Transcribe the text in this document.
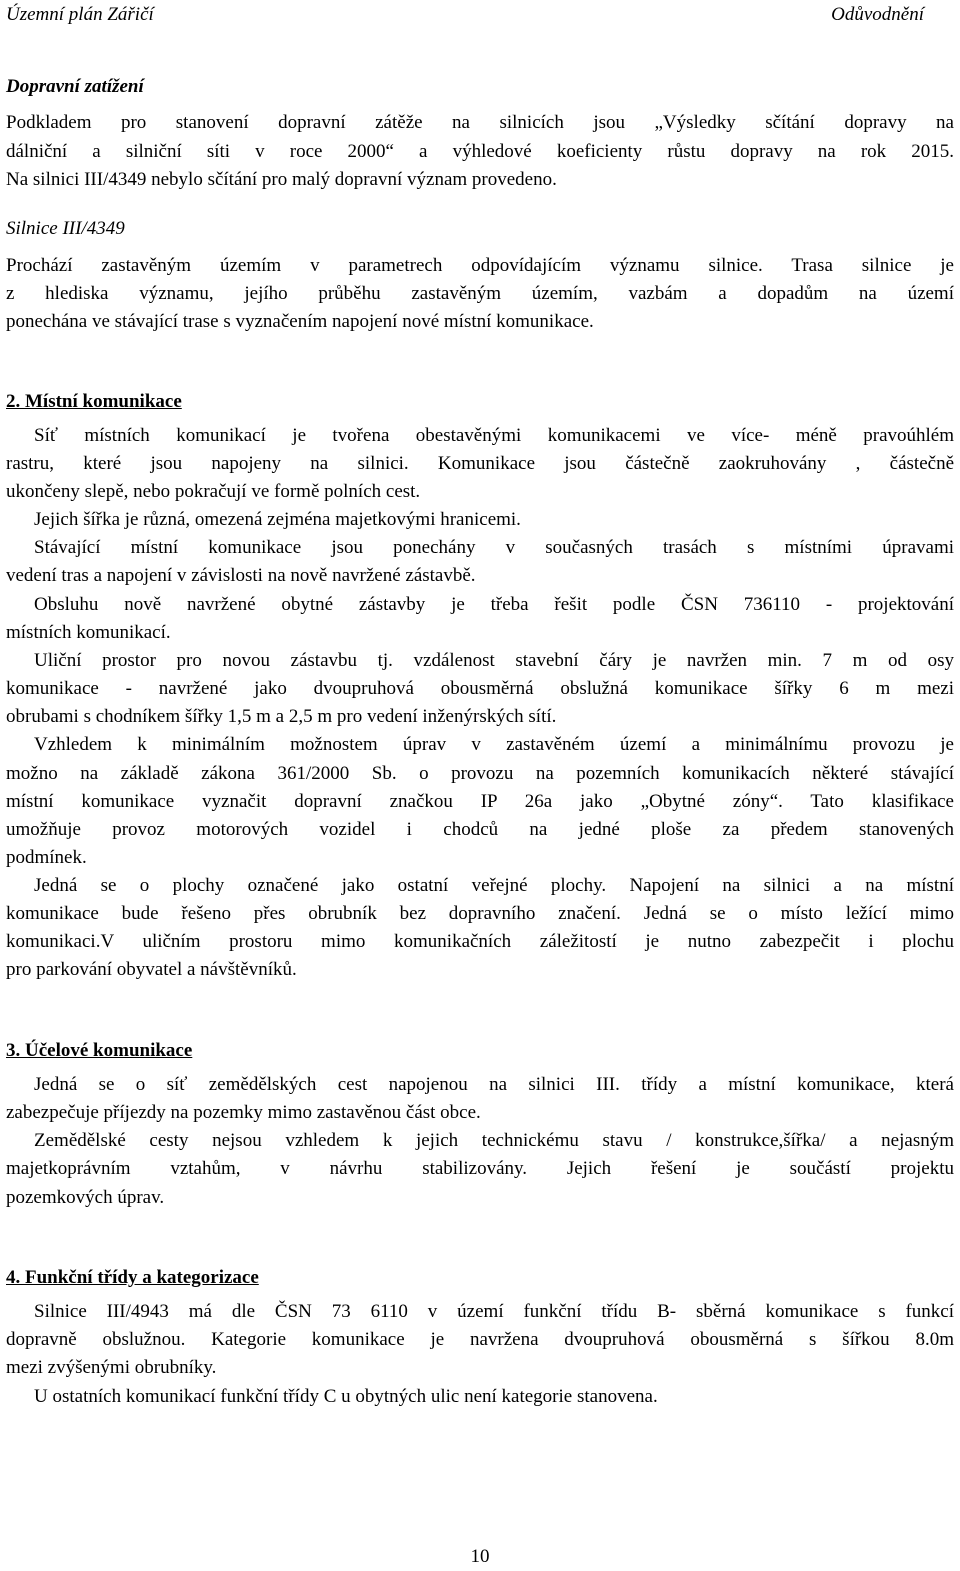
Územní plán Zářičí	Odůvodnění
Dopravní zatížení
Podkladem pro stanovení dopravní zátěže na silnicích jsou „Výsledky sčítání dopravy na
dálniční a silniční síti v roce 2000“ a výhledové koeficienty růstu dopravy na rok 2015.
Na silnici III/4349 nebylo sčítání pro malý dopravní význam provedeno.
Silnice III/4349
Prochází zastavěným územím v parametrech odpovídajícím významu silnice. Trasa silnice je
z hlediska významu, jejího průběhu zastavěným územím, vazbám a dopadům na území
ponechána ve stávající trase s vyznačením napojení nové místní komunikace.
2. Místní komunikace
Síť místních komunikací je tvořena obestavěnými komunikacemi ve více- méně pravoúhlém
rastru, které jsou napojeny na silnici. Komunikace jsou částečně zaokruhovány , částečně
ukončeny slepě, nebo pokračují ve formě polních cest.
Jejich šířka je různá, omezená zejména majetkovými hranicemi.
Stávající místní komunikace jsou ponechány v současných trasách s místními úpravami
vedení tras a napojení v závislosti na nově navržené zástavbě.
Obsluhu nově navržené obytné zástavby je třeba řešit podle ČSN 736110 - projektování
místních komunikací.
Uliční prostor pro novou zástavbu tj. vzdálenost stavební čáry je navržen min. 7 m od osy
komunikace - navržené jako dvoupruhová obousměrná obslužná komunikace šířky 6 m mezi
obrubami s chodníkem šířky 1,5 m a 2,5 m pro vedení inženýrských sítí.
Vzhledem k minimálním možnostem úprav v zastavěném území a minimálnímu provozu je
možno na základě zákona 361/2000 Sb. o provozu na pozemních komunikacích některé stávající
místní komunikace vyznačit dopravní značkou IP 26a jako „Obytné zóny“. Tato klasifikace
umožňuje provoz motorových vozidel i chodců na jedné ploše za předem stanovených
podmínek.
Jedná se o plochy označené jako ostatní veřejné plochy. Napojení na silnici a na místní
komunikace bude řešeno přes obrubník bez dopravního značení. Jedná se o místo ležící mimo
komunikaci.V uličním prostoru mimo komunikačních záležitostí je nutno zabezpečit i plochu
pro parkování obyvatel a návštěvníků.
3. Účelové komunikace
Jedná se o síť zemědělských cest napojenou na silnici III. třídy a místní komunikace, která
zabezpečuje příjezdy na pozemky mimo zastavěnou část obce.
Zemědělské cesty nejsou vzhledem k jejich technickému stavu / konstrukce,šířka/ a nejasným
majetkoprávním vztahům, v návrhu stabilizovány. Jejich řešení je součástí projektu
pozemkových úprav.
4. Funkční třídy a kategorizace
Silnice III/4943 má dle ČSN 73 6110 v území funkční třídu B- sběrná komunikace s funkcí
dopravně obslužnou. Kategorie komunikace je navržena dvoupruhová obousměrná s šířkou 8.0m
mezi zvýšenými obrubníky.
U ostatních komunikací funkční třídy C u obytných ulic není kategorie stanovena.
10
